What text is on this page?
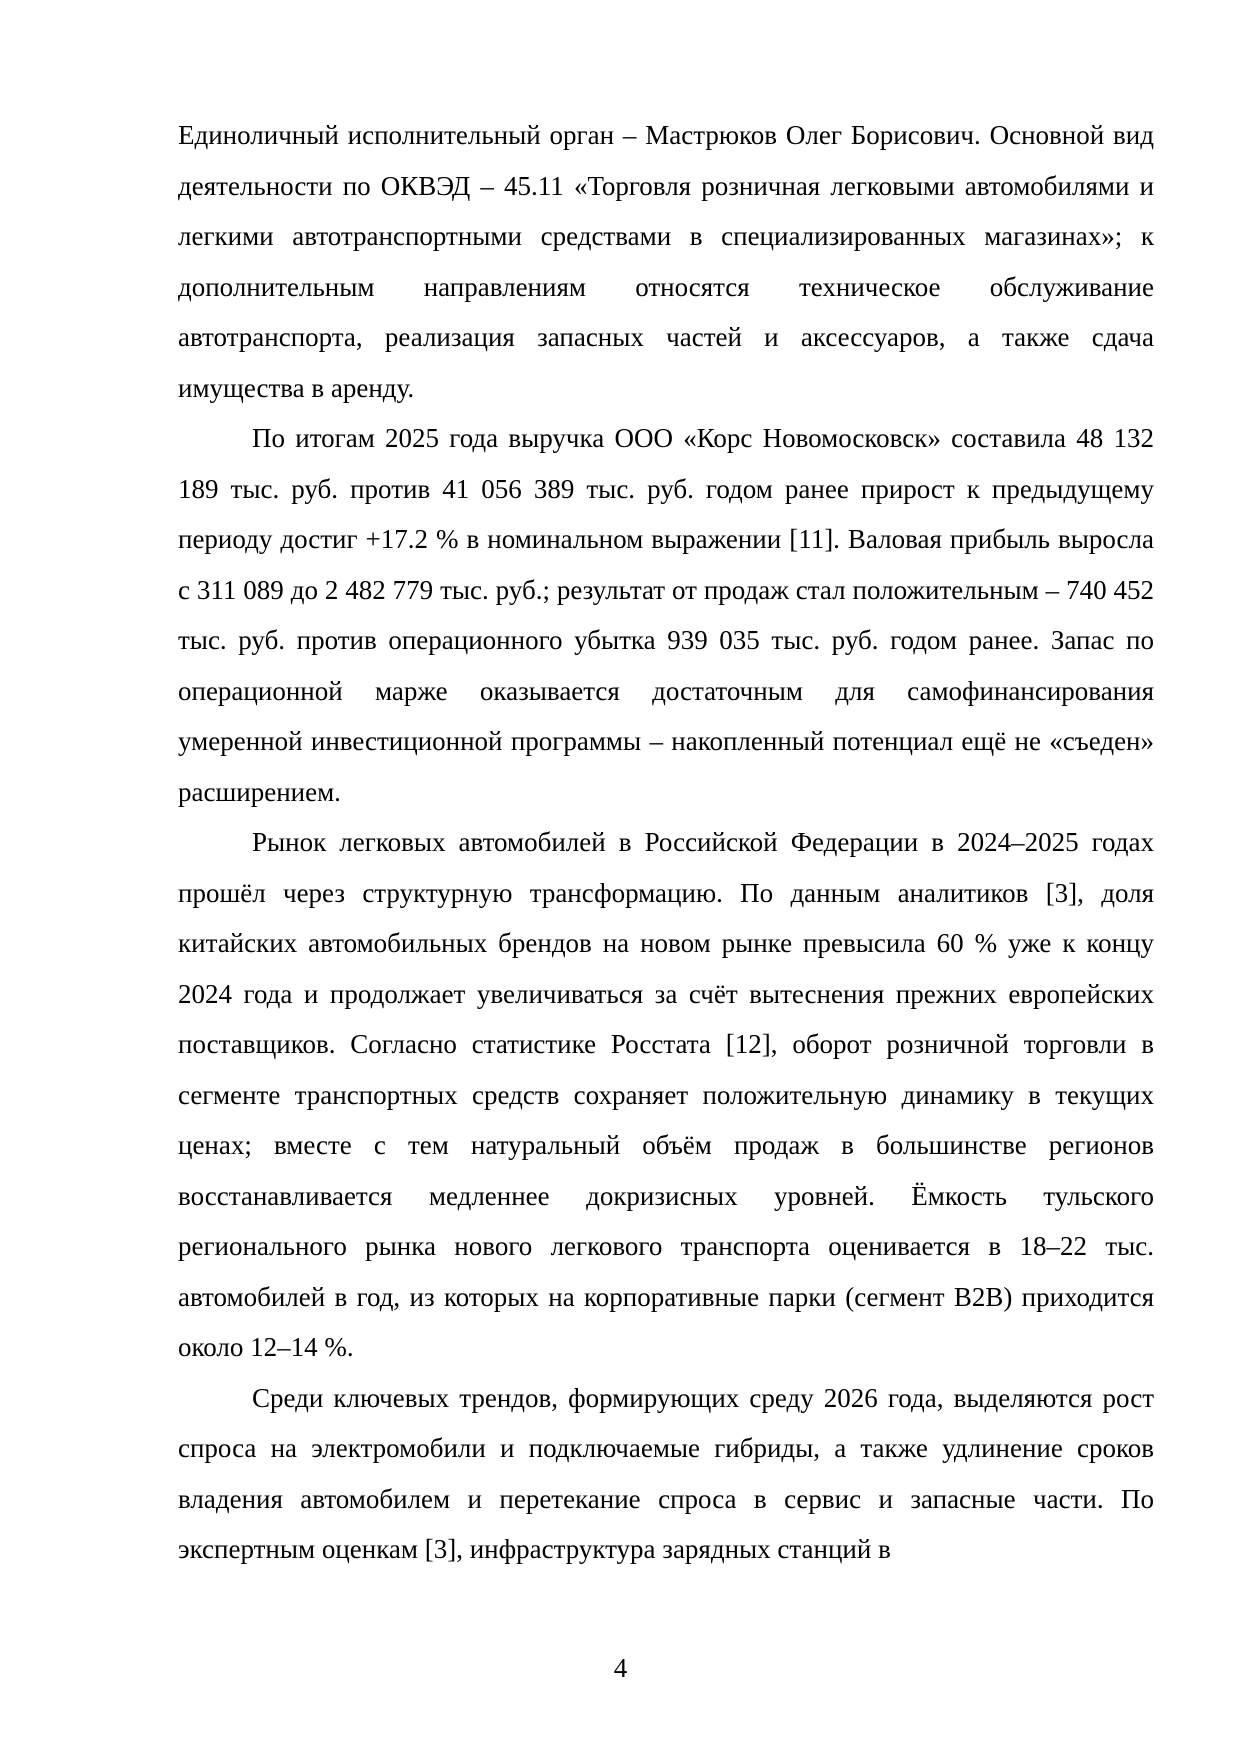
Единоличный исполнительный орган – Мастрюков Олег Борисович. Основной вид деятельности по ОКВЭД – 45.11 «Торговля розничная легковыми автомобилями и легкими автотранспортными средствами в специализированных магазинах»; к дополнительным направлениям относятся техническое обслуживание автотранспорта, реализация запасных частей и аксессуаров, а также сдача имущества в аренду.

По итогам 2025 года выручка ООО «Корс Новомосковск» составила 48 132 189 тыс. руб. против 41 056 389 тыс. руб. годом ранее прирост к предыдущему периоду достиг +17.2 % в номинальном выражении [11]. Валовая прибыль выросла с 311 089 до 2 482 779 тыс. руб.; результат от продаж стал положительным – 740 452 тыс. руб. против операционного убытка 939 035 тыс. руб. годом ранее. Запас по операционной марже оказывается достаточным для самофинансирования умеренной инвестиционной программы – накопленный потенциал ещё не «съеден» расширением.

Рынок легковых автомобилей в Российской Федерации в 2024–2025 годах прошёл через структурную трансформацию. По данным аналитиков [3], доля китайских автомобильных брендов на новом рынке превысила 60 % уже к концу 2024 года и продолжает увеличиваться за счёт вытеснения прежних европейских поставщиков. Согласно статистике Росстата [12], оборот розничной торговли в сегменте транспортных средств сохраняет положительную динамику в текущих ценах; вместе с тем натуральный объём продаж в большинстве регионов восстанавливается медленнее докризисных уровней. Ёмкость тульского регионального рынка нового легкового транспорта оценивается в 18–22 тыс. автомобилей в год, из которых на корпоративные парки (сегмент B2B) приходится около 12–14 %.

Среди ключевых трендов, формирующих среду 2026 года, выделяются рост спроса на электромобили и подключаемые гибриды, а также удлинение сроков владения автомобилем и перетекание спроса в сервис и запасные части. По экспертным оценкам [3], инфраструктура зарядных станций в

4
